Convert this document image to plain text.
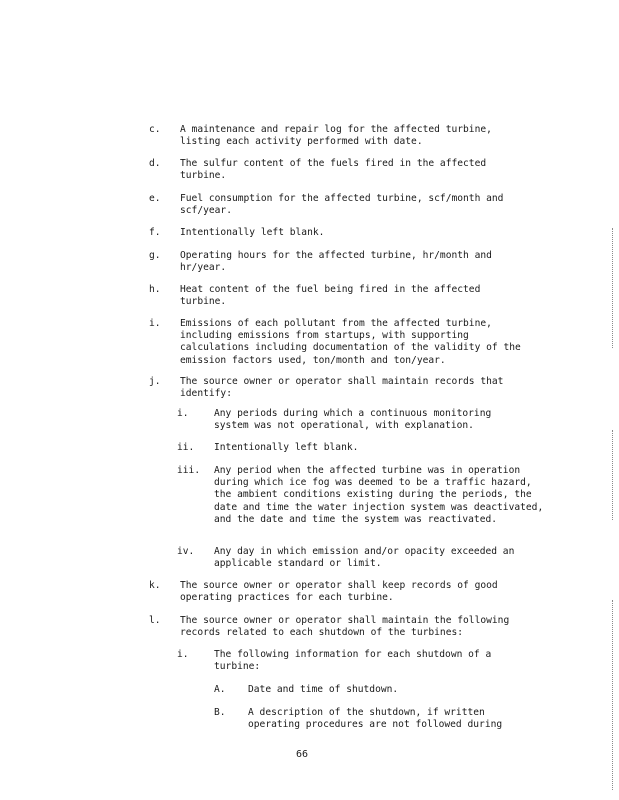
c. A maintenance and repair log for the affected turbine, listing each activity performed with date.
d. The sulfur content of the fuels fired in the affected turbine.
e. Fuel consumption for the affected turbine, scf/month and scf/year.
f. Intentionally left blank.
g. Operating hours for the affected turbine, hr/month and hr/year.
h. Heat content of the fuel being fired in the affected turbine.
i. Emissions of each pollutant from the affected turbine, including emissions from startups, with supporting calculations including documentation of the validity of the emission factors used, ton/month and ton/year.
j. The source owner or operator shall maintain records that identify:
i.	Any periods during which a continuous monitoring system was not operational, with explanation.
ii. Intentionally left blank.
iii. Any period when the affected turbine was in operation during which ice fog was deemed to be a traffic hazard, the ambient conditions existing during the periods, the date and time the water injection system was deactivated, and the date and time the system was reactivated.
iv. Any day in which emission and/or opacity exceeded an applicable standard or limit.
k. The source owner or operator shall keep records of good operating practices for each turbine.
l. The source owner or operator shall maintain the following records related to each shutdown of the turbines:
i.	The following information for each shutdown of a turbine:
A. Date and time of shutdown.
B. A description of the shutdown, if written operating procedures are not followed during
66
